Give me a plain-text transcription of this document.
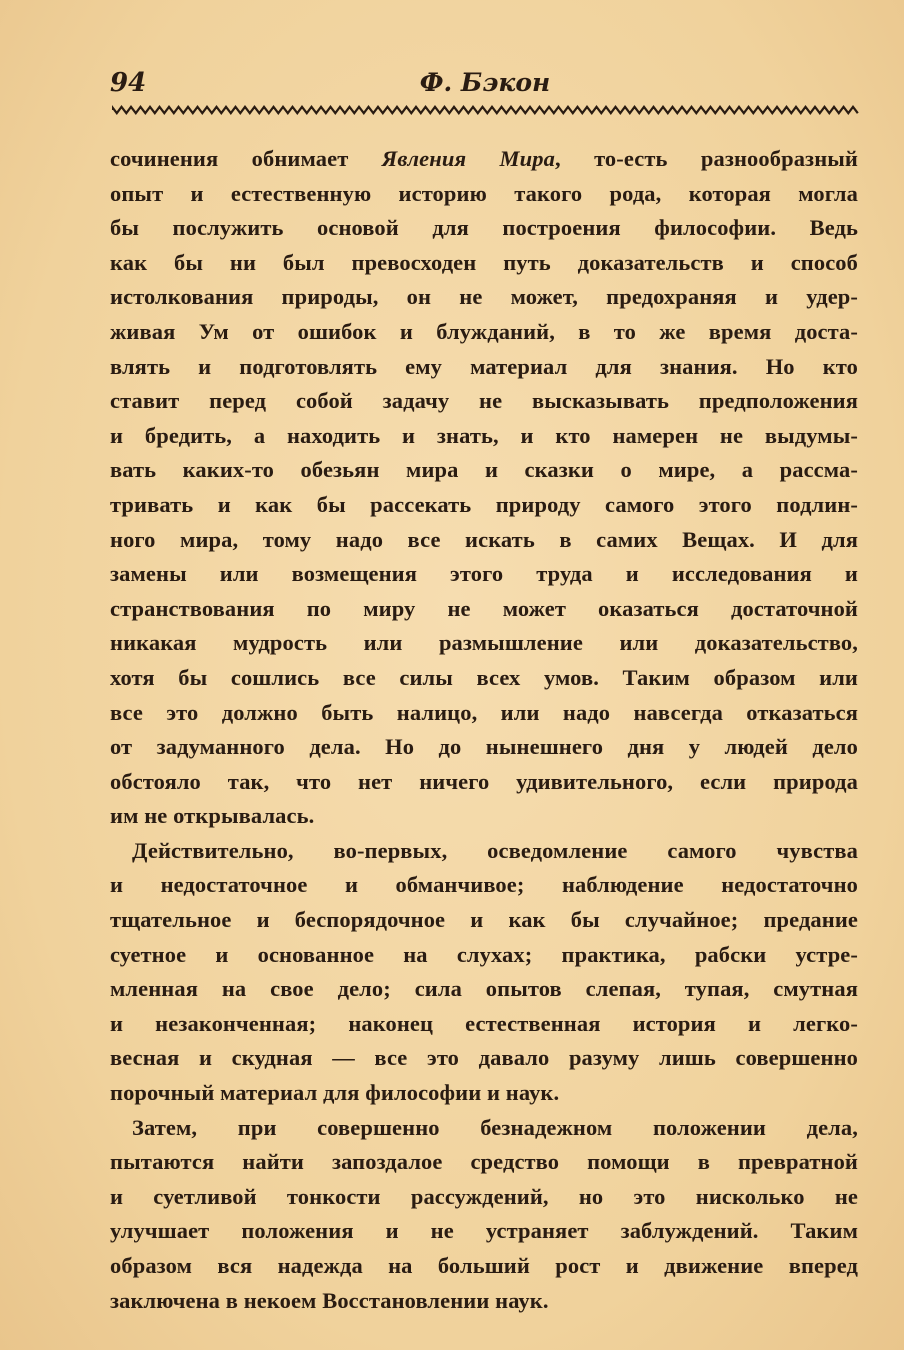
94	Ф. Бэкон
сочинения обнимает Явления Мира, то-есть разнообразный
опыт и естественную историю такого рода, которая могла
бы послужить основой для построения философии. Ведь
как бы ни был превосходен путь доказательств и способ
истолкования природы, он не может, предохраняя и удер-
живая Ум от ошибок и блужданий, в то же время доста-
влять и подготовлять ему материал для знания. Но кто
ставит перед собой задачу не высказывать предположения
и бредить, а находить и знать, и кто намерен не выдумы-
вать каких-то обезьян мира и сказки о мире, а рассма-
тривать и как бы рассекать природу самого этого подлин-
ного мира, тому надо все искать в самих Вещах. И для
замены или возмещения этого труда и исследования и
странствования по миру не может оказаться достаточной
никакая мудрость или размышление или доказательство,
хотя бы сошлись все силы всех умов. Таким образом или
все это должно быть налицо, или надо навсегда отказаться
от задуманного дела. Но до нынешнего дня у людей дело
обстояло так, что нет ничего удивительного, если природа
им не открывалась.
Действительно, во-первых, осведомление самого чувства
и недостаточное и обманчивое; наблюдение недостаточно
тщательное и беспорядочное и как бы случайное; предание
суетное и основанное на слухах; практика, рабски устре-
мленная на свое дело; сила опытов слепая, тупая, смутная
и незаконченная; наконец естественная история и легко-
весная и скудная — все это давало разуму лишь совершенно
порочный материал для философии и наук.
Затем, при совершенно безнадежном положении дела,
пытаются найти запоздалое средство помощи в превратной
и суетливой тонкости рассуждений, но это нисколько не
улучшает положения и не устраняет заблуждений. Таким
образом вся надежда на больший рост и движение вперед
заключена в некоем Восстановлении наук.
